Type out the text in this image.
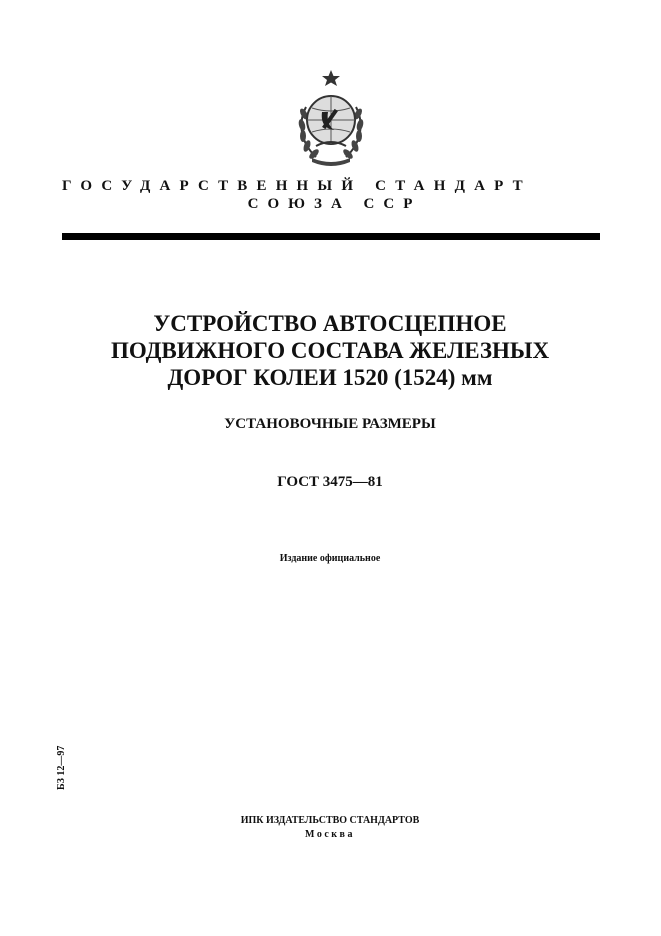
ГОСУДАРСТВЕННЫЙ СТАНДАРТ
СОЮЗА ССР
УСТРОЙСТВО АВТОСЦЕПНОЕ
ПОДВИЖНОГО СОСТАВА ЖЕЛЕЗНЫХ
ДОРОГ КОЛЕИ 1520 (1524) мм
УСТАНОВОЧНЫЕ РАЗМЕРЫ
ГОСТ 3475—81
Издание официальное
БЗ 12—97
ИПК ИЗДАТЕЛЬСТВО СТАНДАРТОВ
Москва
